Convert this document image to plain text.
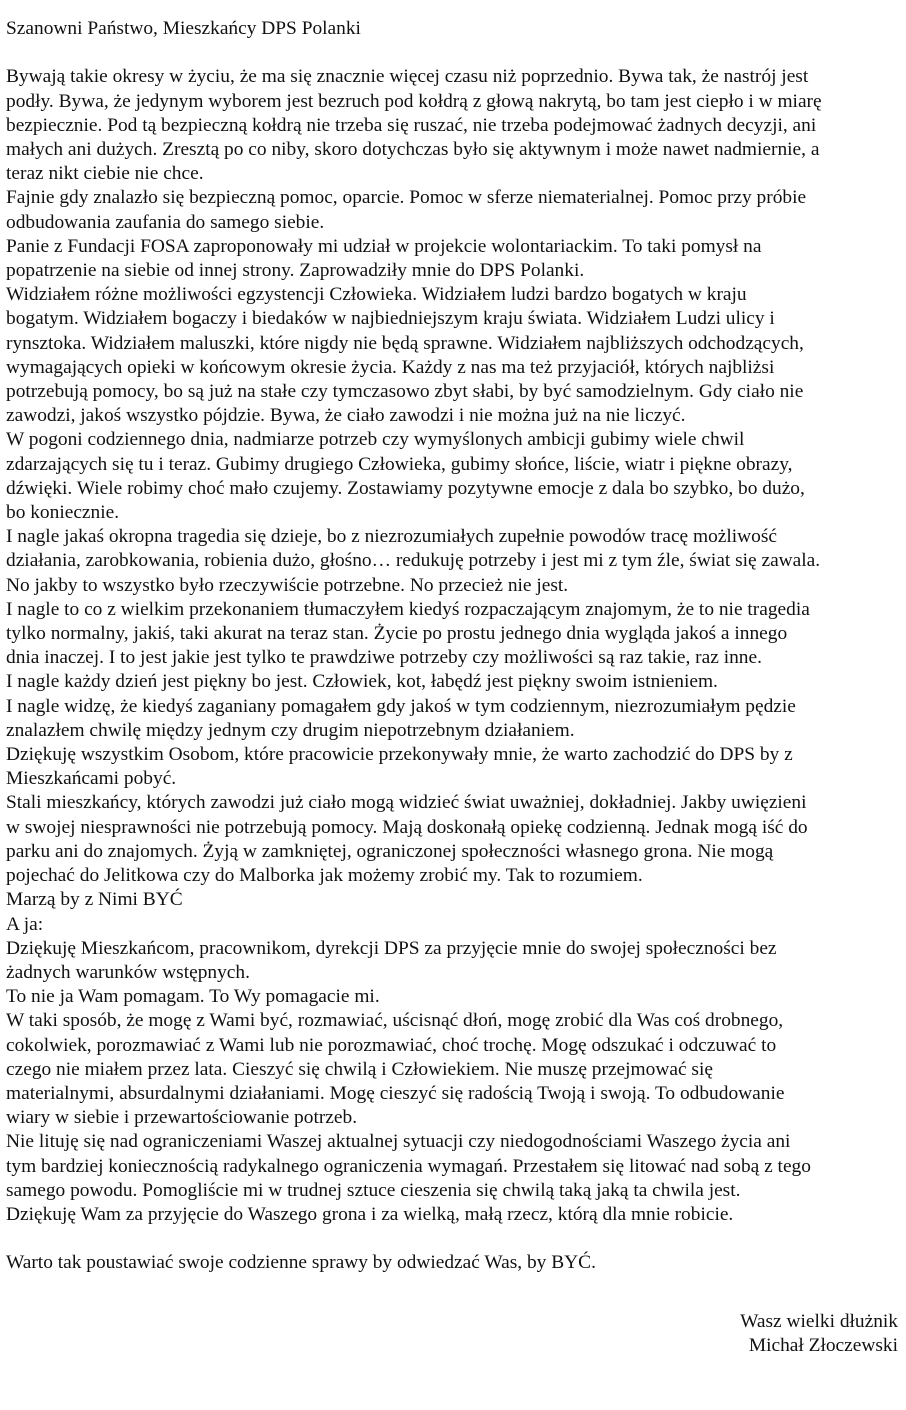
Szanowni Państwo, Mieszkańcy DPS Polanki

Bywają takie okresy w życiu, że ma się znacznie więcej czasu niż poprzednio. Bywa tak, że nastrój jest
podły. Bywa, że jedynym wyborem jest bezruch pod kołdrą z głową nakrytą, bo tam jest ciepło i w miarę
bezpiecznie. Pod tą bezpieczną kołdrą nie trzeba się ruszać, nie trzeba podejmować żadnych decyzji, ani
małych ani dużych. Zresztą po co niby, skoro dotychczas było się aktywnym i może nawet nadmiernie, a
teraz nikt ciebie nie chce.

Fajnie gdy znalazło się bezpieczną pomoc, oparcie. Pomoc w sferze niematerialnej. Pomoc przy próbie
odbudowania zaufania do samego siebie.

Panie z Fundacji FOSA zaproponowały mi udział w projekcie wolontariackim. To taki pomysł na
popatrzenie na siebie od innej strony. Zaprowadziły mnie do DPS Polanki.

Widziałem różne możliwości egzystencji Człowieka. Widziałem ludzi bardzo bogatych w kraju
bogatym. Widziałem bogaczy i biedaków w najbiedniejszym kraju świata. Widziałem Ludzi ulicy i
rynsztoka. Widziałem maluszki, które nigdy nie będą sprawne. Widziałem najbliższych odchodzących,
wymagających opieki w końcowym okresie życia. Każdy z nas ma też przyjaciół, których najbliżsi
potrzebują pomocy, bo są już na stałe czy tymczasowo zbyt słabi, by być samodzielnym. Gdy ciało nie
zawodzi, jakoś wszystko pójdzie. Bywa, że ciało zawodzi i nie można już na nie liczyć.

W pogoni codziennego dnia, nadmiarze potrzeb czy wymyślonych ambicji gubimy wiele chwil
zdarzających się tu i teraz. Gubimy drugiego Człowieka, gubimy słońce, liście, wiatr i piękne obrazy,
dźwięki. Wiele robimy choć mało czujemy. Zostawiamy pozytywne emocje z dala bo szybko, bo dużo,
bo koniecznie.

I nagle jakaś okropna tragedia się dzieje, bo z niezrozumiałych zupełnie powodów tracę możliwość
działania, zarobkowania, robienia dużo, głośno… redukuję potrzeby i jest mi z tym źle, świat się zawala.
No jakby to wszystko było rzeczywiście potrzebne. No przecież nie jest.

I nagle to co z wielkim przekonaniem tłumaczyłem kiedyś rozpaczającym znajomym, że to nie tragedia
tylko normalny, jakiś, taki akurat na teraz stan. Życie po prostu jednego dnia wygląda jakoś a innego
dnia inaczej. I to jest jakie jest tylko te prawdziwe potrzeby czy możliwości są raz takie, raz inne.

I nagle każdy dzień jest piękny bo jest. Człowiek, kot, łabędź jest piękny swoim istnieniem.

I nagle widzę, że kiedyś zaganiany pomagałem gdy jakoś w tym codziennym, niezrozumiałym pędzie
znalazłem chwilę między jednym czy drugim niepotrzebnym działaniem.

Dziękuję wszystkim Osobom, które pracowicie przekonywały mnie, że warto zachodzić do DPS by z
Mieszkańcami pobyć.

Stali mieszkańcy, których zawodzi już ciało mogą widzieć świat uważniej, dokładniej. Jakby uwięzieni
w swojej niesprawności nie potrzebują pomocy. Mają doskonałą opiekę codzienną. Jednak mogą iść do
parku ani do znajomych. Żyją w zamkniętej, ograniczonej społeczności własnego grona. Nie mogą
pojechać do Jelitkowa czy do Malborka jak możemy zrobić my. Tak to rozumiem.

Marzą by z Nimi BYĆ

A ja:

Dziękuję Mieszkańcom, pracownikom, dyrekcji DPS za przyjęcie mnie do swojej społeczności bez
żadnych warunków wstępnych.

To nie ja Wam pomagam. To Wy pomagacie mi.

W taki sposób, że mogę z Wami być, rozmawiać, uścisnąć dłoń, mogę zrobić dla Was coś drobnego,
cokolwiek, porozmawiać z Wami lub nie porozmawiać, choć trochę. Mogę odszukać i odczuwać to
czego nie miałem przez lata. Cieszyć się chwilą i Człowiekiem. Nie muszę przejmować się
materialnymi, absurdalnymi działaniami. Mogę cieszyć się radością Twoją i swoją. To odbudowanie
wiary w siebie i przewartościowanie potrzeb.

Nie lituję się nad ograniczeniami Waszej aktualnej sytuacji czy niedogodnościami Waszego życia ani
tym bardziej koniecznością radykalnego ograniczenia wymagań. Przestałem się litować nad sobą z tego
samego powodu. Pomogliście mi w trudnej sztuce cieszenia się chwilą taką jaką ta chwila jest.
Dziękuję Wam za przyjęcie do Waszego grona i za wielką, małą rzecz, którą dla mnie robicie.

Warto tak poustawiać swoje codzienne sprawy by odwiedzać Was, by BYĆ.

Wasz wielki dłużnik
Michał Złoczewski
